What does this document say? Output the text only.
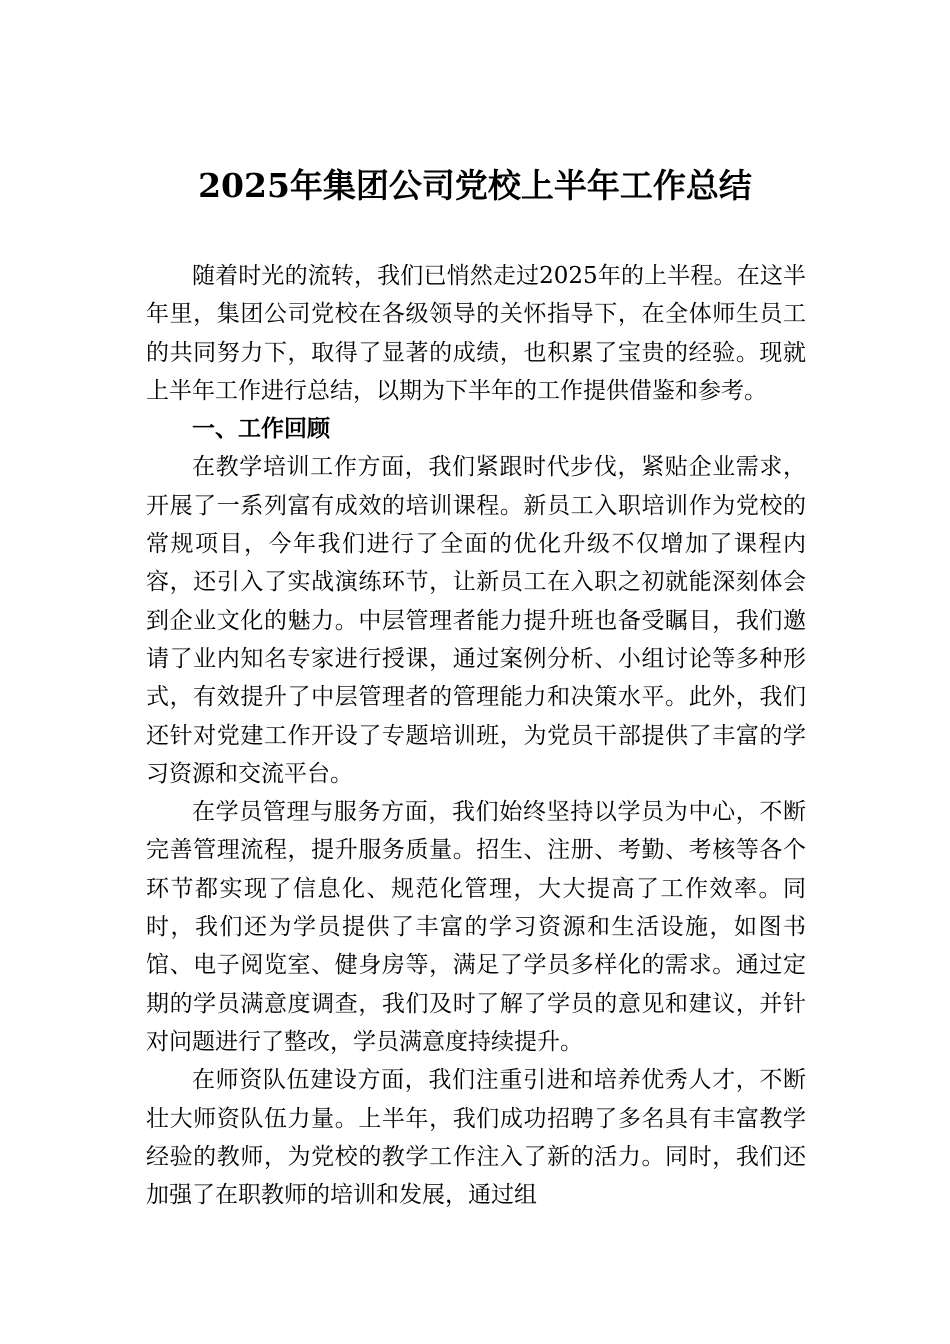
2025年集团公司党校上半年工作总结

随着时光的流转，我们已悄然走过2025年的上半程。在这半年里，集团公司党校在各级领导的关怀指导下，在全体师生员工的共同努力下，取得了显著的成绩，也积累了宝贵的经验。现就上半年工作进行总结，以期为下半年的工作提供借鉴和参考。

一、工作回顾

在教学培训工作方面，我们紧跟时代步伐，紧贴企业需求，开展了一系列富有成效的培训课程。新员工入职培训作为党校的常规项目，今年我们进行了全面的优化升级不仅增加了课程内容，还引入了实战演练环节，让新员工在入职之初就能深刻体会到企业文化的魅力。中层管理者能力提升班也备受瞩目，我们邀请了业内知名专家进行授课，通过案例分析、小组讨论等多种形式，有效提升了中层管理者的管理能力和决策水平。此外，我们还针对党建工作开设了专题培训班，为党员干部提供了丰富的学习资源和交流平台。

在学员管理与服务方面，我们始终坚持以学员为中心，不断完善管理流程，提升服务质量。招生、注册、考勤、考核等各个环节都实现了信息化、规范化管理，大大提高了工作效率。同时，我们还为学员提供了丰富的学习资源和生活设施，如图书馆、电子阅览室、健身房等，满足了学员多样化的需求。通过定期的学员满意度调查，我们及时了解了学员的意见和建议，并针对问题进行了整改，学员满意度持续提升。

在师资队伍建设方面，我们注重引进和培养优秀人才，不断壮大师资队伍力量。上半年，我们成功招聘了多名具有丰富教学经验的教师，为党校的教学工作注入了新的活力。同时，我们还加强了在职教师的培训和发展，通过组
